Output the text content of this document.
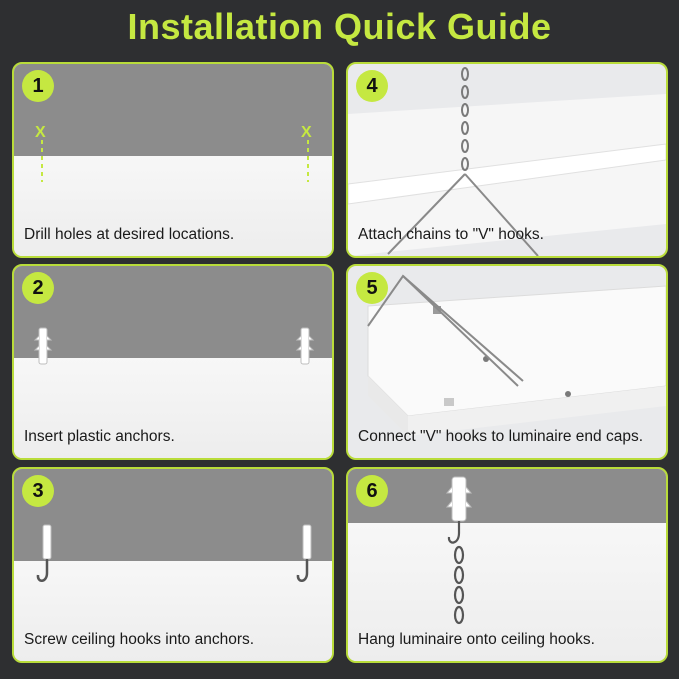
Installation Quick Guide
X	X
1
Drill holes at desired locations.
2
Insert plastic anchors.
3
Screw ceiling hooks into anchors.
4
Attach chains to "V" hooks.
5
Connect "V" hooks to luminaire end caps.
6
Hang luminaire onto ceiling hooks.
